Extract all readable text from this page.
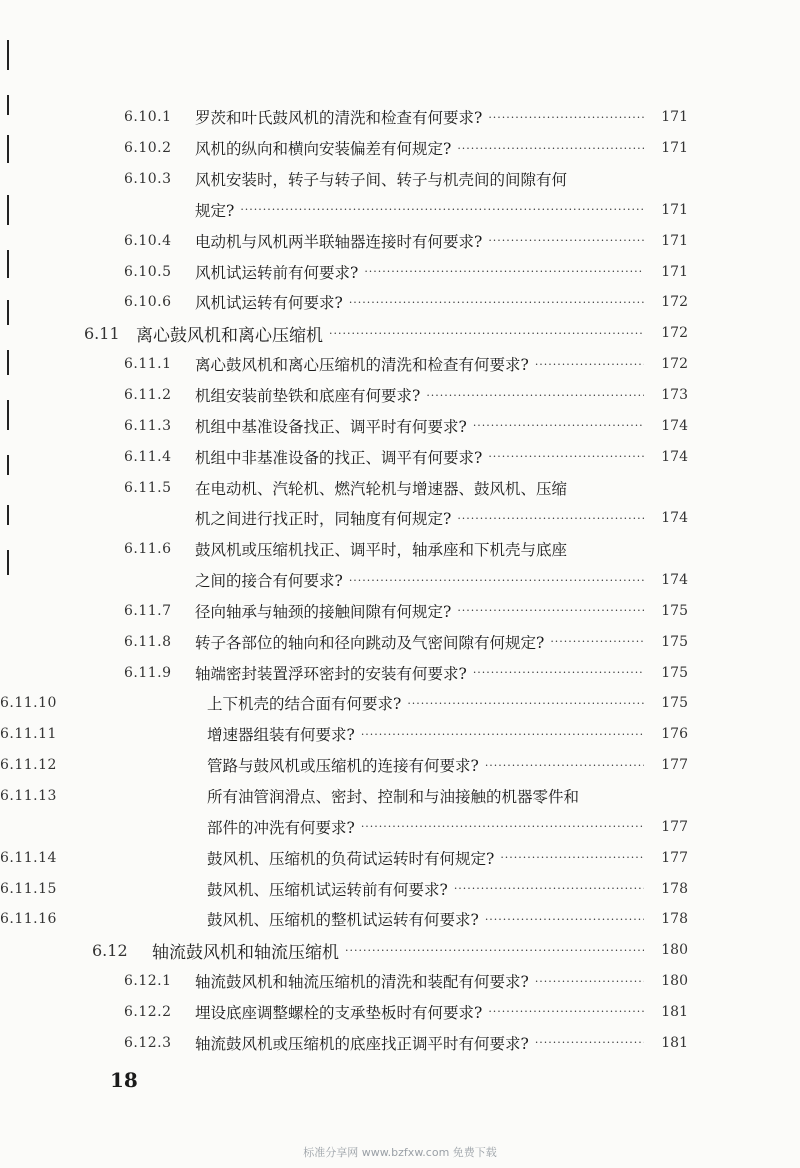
6.10.1 罗茨和叶氏鼓风机的清洗和检查有何要求? ·····	171
6.10.2 风机的纵向和横向安装偏差有何规定? ·····	171
6.10.3 风机安装时，转子与转子间、转子与机壳间的间隙有何
规定? ·····	171
6.10.4 电动机与风机两半联轴器连接时有何要求? ·····	171
6.10.5 风机试运转前有何要求? ·····	171
6.10.6 风机试运转有何要求? ·····	172
6.11 离心鼓风机和离心压缩机 ·····	172
6.11.1 离心鼓风机和离心压缩机的清洗和检查有何要求? ·····	172
6.11.2 机组安装前垫铁和底座有何要求? ·····	173
6.11.3 机组中基准设备找正、调平时有何要求? ·····	174
6.11.4 机组中非基准设备的找正、调平有何要求? ·····	174
6.11.5 在电动机、汽轮机、燃汽轮机与增速器、鼓风机、压缩
机之间进行找正时，同轴度有何规定? ·····	174
6.11.6 鼓风机或压缩机找正、调平时，轴承座和下机壳与底座
之间的接合有何要求? ·····	174
6.11.7 径向轴承与轴颈的接触间隙有何规定? ·····	175
6.11.8 转子各部位的轴向和径向跳动及气密间隙有何规定? ·····	175
6.11.9 轴端密封装置浮环密封的安装有何要求? ·····	175
6.11.10	上下机壳的结合面有何要求? ·····	175
6.11.11	增速器组装有何要求? ·····	176
6.11.12	管路与鼓风机或压缩机的连接有何要求? ·····	177
6.11.13	所有油管润滑点、密封、控制和与油接触的机器零件和
部件的冲洗有何要求? ·····	177
6.11.14	鼓风机、压缩机的负荷试运转时有何规定? ·····	177
6.11.15	鼓风机、压缩机试运转前有何要求? ·····	178
6.11.16	鼓风机、压缩机的整机试运转有何要求? ·····	178
6.12 轴流鼓风机和轴流压缩机 ·····	180
6.12.1 轴流鼓风机和轴流压缩机的清洗和装配有何要求? ·····	180
6.12.2 埋设底座调整螺栓的支承垫板时有何要求? ·····	181
6.12.3 轴流鼓风机或压缩机的底座找正调平时有何要求? ·····	181
18
标准分享网 www.bzfxw.com 免费下载
